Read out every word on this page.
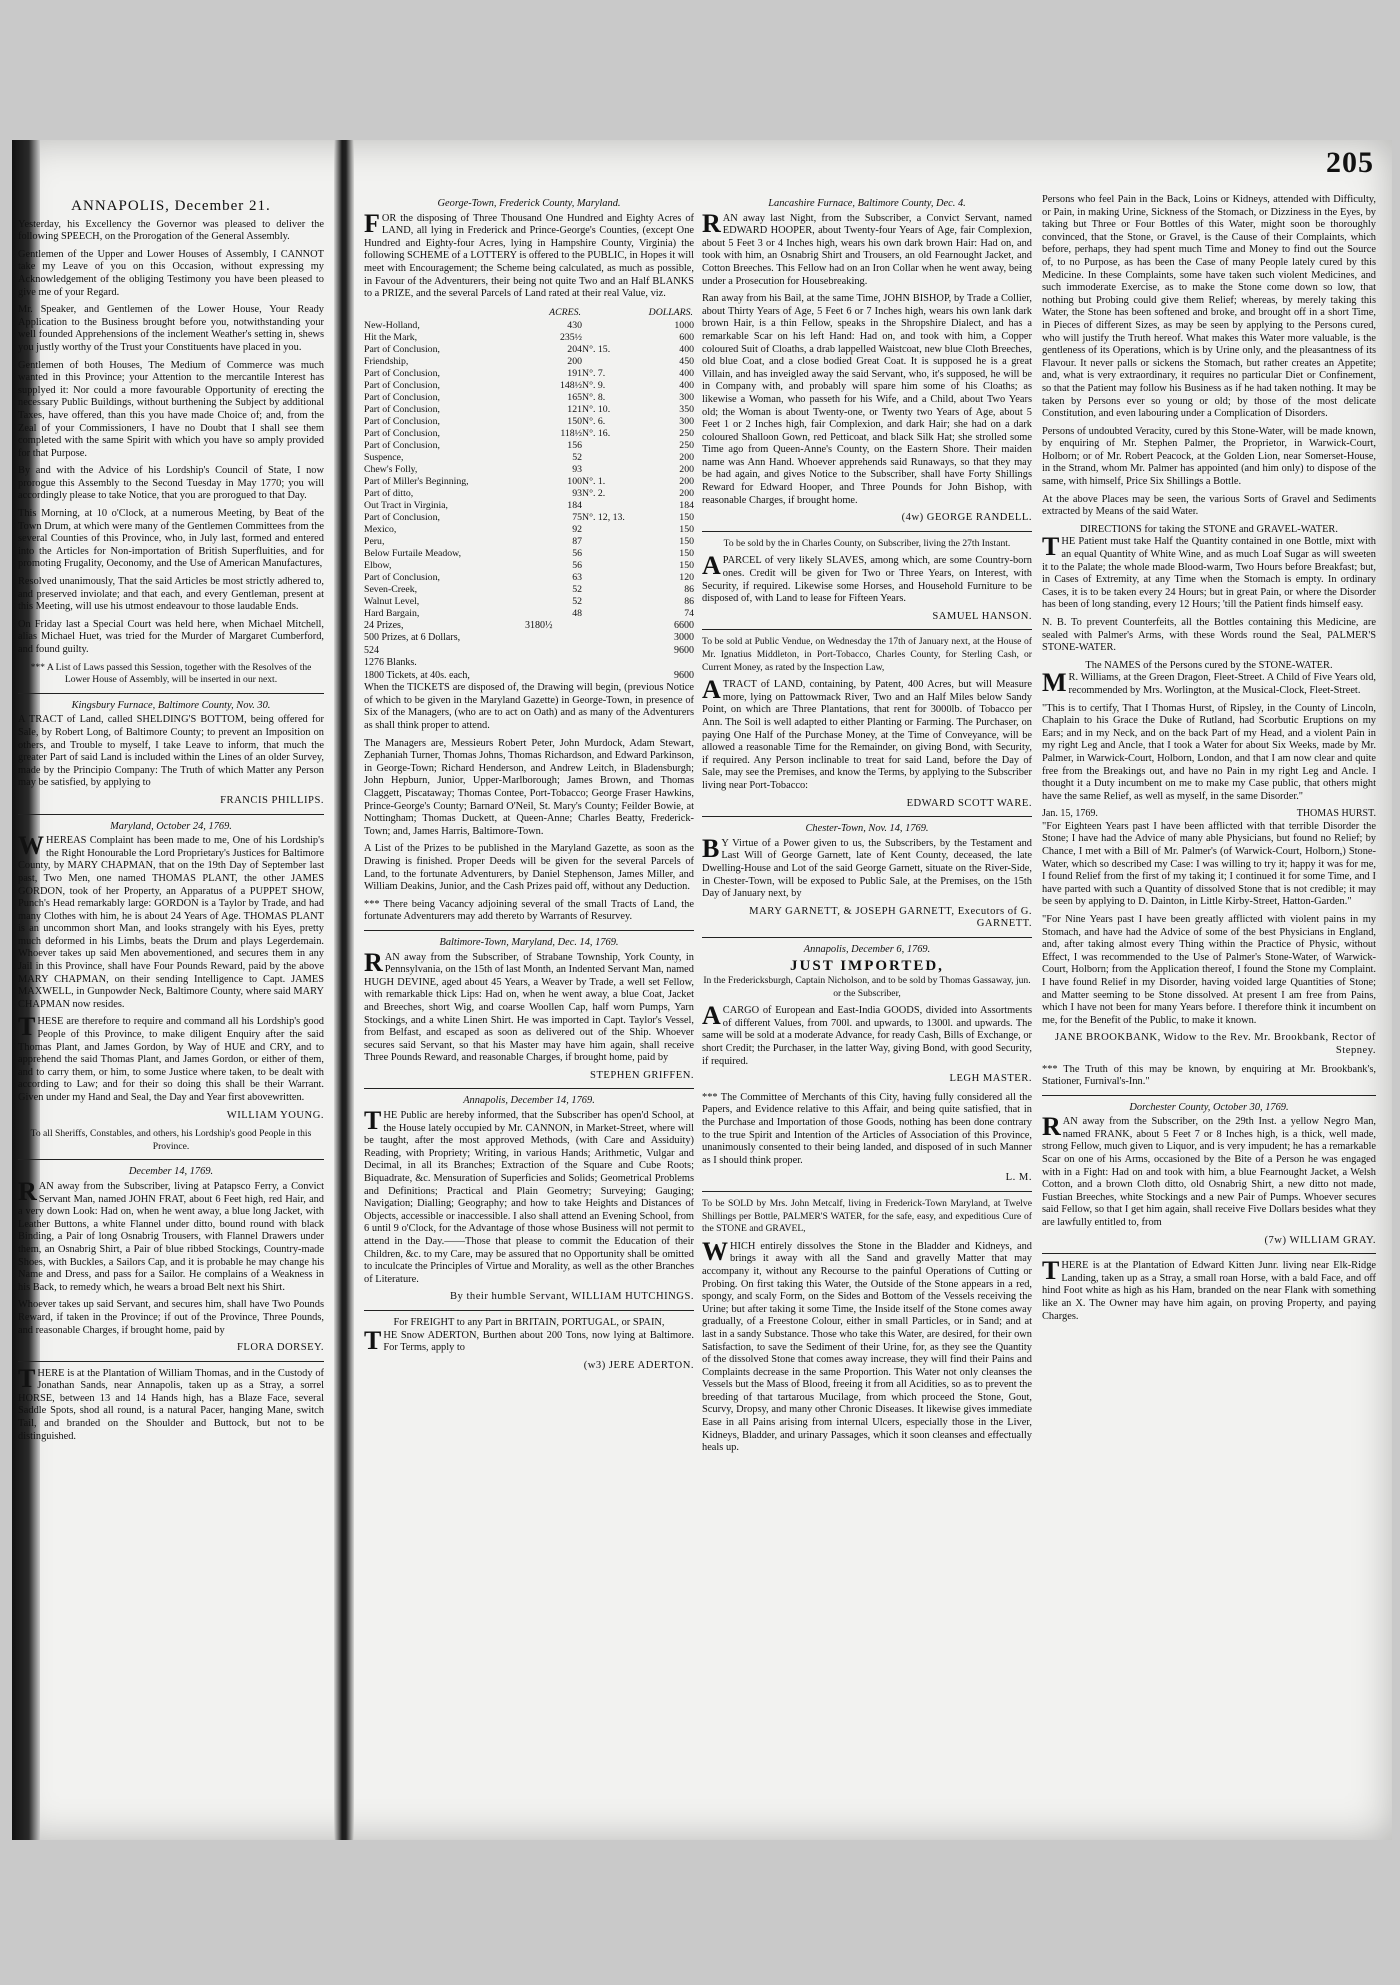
205
ANNAPOLIS, December 21.

Yesterday, his Excellency the Governor was pleased to deliver the following SPEECH, on the Prorogation of the General Assembly.

Gentlemen of the Upper and Lower Houses of Assembly, I CANNOT take my Leave of you on this Occasion, without expressing my Acknowledgement of the obliging Testimony you have been pleased to give me of your Regard.

Mr. Speaker, and Gentlemen of the Lower House, Your Ready Application to the Business brought before you, notwithstanding your well founded Apprehensions of the inclement Weather's setting in, shews you justly worthy of the Trust your Constituents have placed in you.

Gentlemen of both Houses, The Medium of Commerce was much wanted in this Province; your Attention to the mercantile Interest has supplyed it: Nor could a more favourable Opportunity of erecting the necessary Public Buildings, without burthening the Subject by additional Taxes, have offered, than this you have made Choice of; and, from the Zeal of your Commissioners, I have no Doubt that I shall see them completed with the same Spirit with which you have so amply provided for that Purpose.

By and with the Advice of his Lordship's Council of State, I now prorogue this Assembly to the Second Tuesday in May 1770; you will accordingly please to take Notice, that you are prorogued to that Day.

This Morning, at 10 o'Clock, at a numerous Meeting, by Beat of the Town Drum, at which were many of the Gentlemen Committees from the several Counties of this Province, who, in July last, formed and entered into the Articles for Non-importation of British Superfluities, and for promoting Frugality, Oeconomy, and the Use of American Manufactures,

Resolved unanimously, That the said Articles be most strictly adhered to, and preserved inviolate; and that each, and every Gentleman, present at this Meeting, will use his utmost endeavour to those laudable Ends.

On Friday last a Special Court was held here, when Michael Mitchell, alias Michael Huet, was tried for the Murder of Margaret Cumberford, and found guilty.

*** A List of Laws passed this Session, together with the Resolves of the Lower House of Assembly, will be inserted in our next.

Kingsbury Furnace, Baltimore County, Nov. 30.

A TRACT of Land, called SHELDING'S BOTTOM, being offered for Sale, by Robert Long, of Baltimore County; to prevent an Imposition on others, and Trouble to myself, I take Leave to inform, that much the greater Part of said Land is included within the Lines of an older Survey, made by the Principio Company: The Truth of which Matter any Person may be satisfied, by applying to

FRANCIS PHILLIPS.
Maryland, October 24, 1769.

WHEREAS Complaint has been made to me, One of his Lordship's the Right Honourable the Lord Proprietary's Justices for Baltimore County, by MARY CHAPMAN, that on the 19th Day of September last past, Two Men, one named THOMAS PLANT, the other JAMES GORDON, took of her Property, an Apparatus of a PUPPET SHOW, Punch's Head remarkably large: GORDON is a Taylor by Trade, and had many Clothes with him, he is about 24 Years of Age. THOMAS PLANT is an uncommon short Man, and looks strangely with his Eyes, pretty much deformed in his Limbs, beats the Drum and plays Legerdemain. Whoever takes up said Men abovementioned, and secures them in any Jail in this Province, shall have Four Pounds Reward, paid by the above MARY CHAPMAN, on their sending Intelligence to Capt. JAMES MAXWELL, in Gunpowder Neck, Baltimore County, where said MARY CHAPMAN now resides.

THESE are therefore to require and command all his Lordship's good People of this Province, to make diligent Enquiry after the said Thomas Plant, and James Gordon, by Way of HUE and CRY, and to apprehend the said Thomas Plant, and James Gordon, or either of them, and to carry them, or him, to some Justice where taken, to be dealt with according to Law; and for their so doing this shall be their Warrant. Given under my Hand and Seal, the Day and Year first abovewritten.

WILLIAM YOUNG.

To all Sheriffs, Constables, and others, his Lordship's good People in this Province.

December 14, 1769.

RAN away from the Subscriber, living at Patapsco Ferry, a Convict Servant Man, named JOHN FRAT, about 6 Feet high, red Hair, and a very down Look: Had on, when he went away, a blue long Jacket, with Leather Buttons, a white Flannel under ditto, bound round with black Binding, a Pair of long Osnabrig Trousers, with Flannel Drawers under them, an Osnabrig Shirt, a Pair of blue ribbed Stockings, Country-made Shoes, with Buckles, a Sailors Cap, and it is probable he may change his Name and Dress, and pass for a Sailor. He complains of a Weakness in his Back, to remedy which, he wears a broad Belt next his Shirt.

Whoever takes up said Servant, and secures him, shall have Two Pounds Reward, if taken in the Province; if out of the Province, Three Pounds, and reasonable Charges, if brought home, paid by

FLORA DORSEY.

THERE is at the Plantation of William Thomas, and in the Custody of Jonathan Sands, near Annapolis, taken up as a Stray, a sorrel HORSE, between 13 and 14 Hands high, has a Blaze Face, several Saddle Spots, shod all round, is a natural Pacer, hanging Mane, switch Tail, and branded on the Shoulder and Buttock, but not to be distinguished.

George-Town, Frederick County, Maryland.

FOR the disposing of Three Thousand One Hundred and Eighty Acres of LAND, all lying in Frederick and Prince-George's Counties, (except One Hundred and Eighty-four Acres, lying in Hampshire County, Virginia) the following SCHEME of a LOTTERY is offered to the PUBLIC, in Hopes it will meet with Encouragement; the Scheme being calculated, as much as possible, in Favour of the Adventurers, their being not quite Two and an Half BLANKS to a PRIZE, and the several Parcels of Land rated at their real Value, viz.

	ACRES.		DOLLARS.
New-Holland,	430		1000
Hit the Mark,	235½		600
Part of Conclusion,	204	N°. 15.	400
Friendship,	200		450
Part of Conclusion,	191	N°. 7.	400
Part of Conclusion,	148½	N°. 9.	400
Part of Conclusion,	165	N°. 8.	300
Part of Conclusion,	121	N°. 10.	350
Part of Conclusion,	150	N°. 6.	300
Part of Conclusion,	118½	N°. 16.	250
Part of Conclusion,	156		250
Suspence,	52		200
Chew's Folly,	93		200
Part of Miller's Beginning,	100	N°. 1.	200
Part of ditto,	93	N°. 2.	200
Out Tract in Virginia,	184		184
Part of Conclusion,	75	N°. 12, 13.	150
Mexico,	92		150
Peru,	87		150
Below Furtaile Meadow,	56		150
Elbow,	56		150
Part of Conclusion,	63		120
Seven-Creek,	52		86
Walnut Level,	52		86
Hard Bargain,	48		74
24 Prizes,	3180½	6600
500 Prizes, at 6 Dollars,	3000
524	9600
1276 Blanks.
1800 Tickets, at 40s. each,	9600

When the TICKETS are disposed of, the Drawing will begin, (previous Notice of which to be given in the Maryland Gazette) in George-Town, in presence of Six of the Managers, (who are to act on Oath) and as many of the Adventurers as shall think proper to attend.

The Managers are, Messieurs Robert Peter, John Murdock, Adam Stewart, Zephaniah Turner, Thomas Johns, Thomas Richardson, and Edward Parkinson, in George-Town; Richard Henderson, and Andrew Leitch, in Bladensburgh; John Hepburn, Junior, Upper-Marlborough; James Brown, and Thomas Claggett, Piscataway; Thomas Contee, Port-Tobacco; George Fraser Hawkins, Prince-George's County; Barnard O'Neil, St. Mary's County; Feilder Bowie, at Nottingham; Thomas Duckett, at Queen-Anne; Charles Beatty, Frederick-Town; and, James Harris, Baltimore-Town.

A List of the Prizes to be published in the Maryland Gazette, as soon as the Drawing is finished. Proper Deeds will be given for the several Parcels of Land, to the fortunate Adventurers, by Daniel Stephenson, James Miller, and William Deakins, Junior, and the Cash Prizes paid off, without any Deduction.

*** There being Vacancy adjoining several of the small Tracts of Land, the fortunate Adventurers may add thereto by Warrants of Resurvey.

Baltimore-Town, Maryland, Dec. 14, 1769.

RAN away from the Subscriber, of Strabane Township, York County, in Pennsylvania, on the 15th of last Month, an Indented Servant Man, named HUGH DEVINE, aged about 45 Years, a Weaver by Trade, a well set Fellow, with remarkable thick Lips: Had on, when he went away, a blue Coat, Jacket and Breeches, short Wig, and coarse Woollen Cap, half worn Pumps, Yarn Stockings, and a white Linen Shirt. He was imported in Capt. Taylor's Vessel, from Belfast, and escaped as soon as delivered out of the Ship. Whoever secures said Servant, so that his Master may have him again, shall receive Three Pounds Reward, and reasonable Charges, if brought home, paid by

STEPHEN GRIFFEN.
Annapolis, December 14, 1769.

THE Public are hereby informed, that the Subscriber has open'd School, at the House lately occupied by Mr. CANNON, in Market-Street, where will be taught, after the most approved Methods, (with Care and Assiduity) Reading, with Propriety; Writing, in various Hands; Arithmetic, Vulgar and Decimal, in all its Branches; Extraction of the Square and Cube Roots; Biquadrate, &c. Mensuration of Superficies and Solids; Geometrical Problems and Definitions; Practical and Plain Geometry; Surveying; Gauging; Navigation; Dialling; Geography; and how to take Heights and Distances of Objects, accessible or inaccessible. I also shall attend an Evening School, from 6 until 9 o'Clock, for the Advantage of those whose Business will not permit to attend in the Day.——Those that please to commit the Education of their Children, &c. to my Care, may be assured that no Opportunity shall be omitted to inculcate the Principles of Virtue and Morality, as well as the other Branches of Literature.

By their humble Servant, WILLIAM HUTCHINGS.
For FREIGHT to any Part in BRITAIN, PORTUGAL, or SPAIN,

THE Snow ADERTON, Burthen about 200 Tons, now lying at Baltimore. For Terms, apply to

(w3) JERE ADERTON.
Lancashire Furnace, Baltimore County, Dec. 4.

RAN away last Night, from the Subscriber, a Convict Servant, named EDWARD HOOPER, about Twenty-four Years of Age, fair Complexion, about 5 Feet 3 or 4 Inches high, wears his own dark brown Hair: Had on, and took with him, an Osnabrig Shirt and Trousers, an old Fearnought Jacket, and Cotton Breeches. This Fellow had on an Iron Collar when he went away, being under a Prosecution for Housebreaking.

Ran away from his Bail, at the same Time, JOHN BISHOP, by Trade a Collier, about Thirty Years of Age, 5 Feet 6 or 7 Inches high, wears his own lank dark brown Hair, is a thin Fellow, speaks in the Shropshire Dialect, and has a remarkable Scar on his left Hand: Had on, and took with him, a Copper coloured Suit of Cloaths, a drab lappelled Waistcoat, new blue Cloth Breeches, old blue Coat, and a close bodied Great Coat. It is supposed he is a great Villain, and has inveigled away the said Servant, who, it's supposed, he will be in Company with, and probably will spare him some of his Cloaths; as likewise a Woman, who passeth for his Wife, and a Child, about Two Years old; the Woman is about Twenty-one, or Twenty two Years of Age, about 5 Feet 1 or 2 Inches high, fair Complexion, and dark Hair; she had on a dark coloured Shalloon Gown, red Petticoat, and black Silk Hat; she strolled some Time ago from Queen-Anne's County, on the Eastern Shore. Their maiden name was Ann Hand. Whoever apprehends said Runaways, so that they may be had again, and gives Notice to the Subscriber, shall have Forty Shillings Reward for Edward Hooper, and Three Pounds for John Bishop, with reasonable Charges, if brought home.

(4w) GEORGE RANDELL.

To be sold by the in Charles County, on Subscriber, living the 27th Instant.

APARCEL of very likely SLAVES, among which, are some Country-born ones. Credit will be given for Two or Three Years, on Interest, with Security, if required. Likewise some Horses, and Household Furniture to be disposed of, with Land to lease for Fifteen Years.

SAMUEL HANSON.

To be sold at Public Vendue, on Wednesday the 17th of January next, at the House of Mr. Ignatius Middleton, in Port-Tobacco, Charles County, for Sterling Cash, or Current Money, as rated by the Inspection Law,

ATRACT of LAND, containing, by Patent, 400 Acres, but will Measure more, lying on Pattowmack River, Two and an Half Miles below Sandy Point, on which are Three Plantations, that rent for 3000lb. of Tobacco per Ann. The Soil is well adapted to either Planting or Farming. The Purchaser, on paying One Half of the Purchase Money, at the Time of Conveyance, will be allowed a reasonable Time for the Remainder, on giving Bond, with Security, if required. Any Person inclinable to treat for said Land, before the Day of Sale, may see the Premises, and know the Terms, by applying to the Subscriber living near Port-Tobacco:

EDWARD SCOTT WARE.
Chester-Town, Nov. 14, 1769.

BY Virtue of a Power given to us, the Subscribers, by the Testament and Last Will of George Garnett, late of Kent County, deceased, the late Dwelling-House and Lot of the said George Garnett, situate on the River-Side, in Chester-Town, will be exposed to Public Sale, at the Premises, on the 15th Day of January next, by

MARY GARNETT, & JOSEPH GARNETT, Executors of G. GARNETT.
Annapolis, December 6, 1769.
JUST IMPORTED,

In the Fredericksburgh, Captain Nicholson, and to be sold by Thomas Gassaway, jun. or the Subscriber,

ACARGO of European and East-India GOODS, divided into Assortments of different Values, from 700l. and upwards, to 1300l. and upwards. The same will be sold at a moderate Advance, for ready Cash, Bills of Exchange, or short Credit; the Purchaser, in the latter Way, giving Bond, with good Security, if required.

LEGH MASTER.

*** The Committee of Merchants of this City, having fully considered all the Papers, and Evidence relative to this Affair, and being quite satisfied, that in the Purchase and Importation of those Goods, nothing has been done contrary to the true Spirit and Intention of the Articles of Association of this Province, unanimously consented to their being landed, and disposed of in such Manner as I should think proper.

L. M.

To be SOLD by Mrs. John Metcalf, living in Frederick-Town Maryland, at Twelve Shillings per Bottle, PALMER'S WATER, for the safe, easy, and expeditious Cure of the STONE and GRAVEL,

WHICH entirely dissolves the Stone in the Bladder and Kidneys, and brings it away with all the Sand and gravelly Matter that may accompany it, without any Recourse to the painful Operations of Cutting or Probing. On first taking this Water, the Outside of the Stone appears in a red, spongy, and scaly Form, on the Sides and Bottom of the Vessels receiving the Urine; but after taking it some Time, the Inside itself of the Stone comes away gradually, of a Freestone Colour, either in small Particles, or in Sand; and at last in a sandy Substance. Those who take this Water, are desired, for their own Satisfaction, to save the Sediment of their Urine, for, as they see the Quantity of the dissolved Stone that comes away increase, they will find their Pains and Complaints decrease in the same Proportion. This Water not only cleanses the Vessels but the Mass of Blood, freeing it from all Acidities, so as to prevent the breeding of that tartarous Mucilage, from which proceed the Stone, Gout, Scurvy, Dropsy, and many other Chronic Diseases. It likewise gives immediate Ease in all Pains arising from internal Ulcers, especially those in the Liver, Kidneys, Bladder, and urinary Passages, which it soon cleanses and effectually heals up.

Persons who feel Pain in the Back, Loins or Kidneys, attended with Difficulty, or Pain, in making Urine, Sickness of the Stomach, or Dizziness in the Eyes, by taking but Three or Four Bottles of this Water, might soon be thoroughly convinced, that the Stone, or Gravel, is the Cause of their Complaints, which before, perhaps, they had spent much Time and Money to find out the Source of, to no Purpose, as has been the Case of many People lately cured by this Medicine. In these Complaints, some have taken such violent Medicines, and such immoderate Exercise, as to make the Stone come down so low, that nothing but Probing could give them Relief; whereas, by merely taking this Water, the Stone has been softened and broke, and brought off in a short Time, in Pieces of different Sizes, as may be seen by applying to the Persons cured, who will justify the Truth hereof. What makes this Water more valuable, is the gentleness of its Operations, which is by Urine only, and the pleasantness of its Flavour. It never palls or sickens the Stomach, but rather creates an Appetite; and, what is very extraordinary, it requires no particular Diet or Confinement, so that the Patient may follow his Business as if he had taken nothing. It may be taken by Persons ever so young or old; by those of the most delicate Constitution, and even labouring under a Complication of Disorders.

Persons of undoubted Veracity, cured by this Stone-Water, will be made known, by enquiring of Mr. Stephen Palmer, the Proprietor, in Warwick-Court, Holborn; or of Mr. Robert Peacock, at the Golden Lion, near Somerset-House, in the Strand, whom Mr. Palmer has appointed (and him only) to dispose of the same, with himself, Price Six Shillings a Bottle.

At the above Places may be seen, the various Sorts of Gravel and Sediments extracted by Means of the said Water.

DIRECTIONS for taking the STONE and GRAVEL-WATER.

THE Patient must take Half the Quantity contained in one Bottle, mixt with an equal Quantity of White Wine, and as much Loaf Sugar as will sweeten it to the Palate; the whole made Blood-warm, Two Hours before Breakfast; but, in Cases of Extremity, at any Time when the Stomach is empty. In ordinary Cases, it is to be taken every 24 Hours; but in great Pain, or where the Disorder has been of long standing, every 12 Hours; 'till the Patient finds himself easy.

N. B. To prevent Counterfeits, all the Bottles containing this Medicine, are sealed with Palmer's Arms, with these Words round the Seal, PALMER'S STONE-WATER.

The NAMES of the Persons cured by the STONE-WATER.

MR. Williams, at the Green Dragon, Fleet-Street. A Child of Five Years old, recommended by Mrs. Worlington, at the Musical-Clock, Fleet-Street.

"This is to certify, That I Thomas Hurst, of Ripsley, in the County of Lincoln, Chaplain to his Grace the Duke of Rutland, had Scorbutic Eruptions on my Ears; and in my Neck, and on the back Part of my Head, and a violent Pain in my right Leg and Ancle, that I took a Water for about Six Weeks, made by Mr. Palmer, in Warwick-Court, Holborn, London, and that I am now clear and quite free from the Breakings out, and have no Pain in my right Leg and Ancle. I thought it a Duty incumbent on me to make my Case public, that others might have the same Relief, as well as myself, in the same Disorder."

Jan. 15, 1769.	THOMAS HURST.

"For Eighteen Years past I have been afflicted with that terrible Disorder the Stone; I have had the Advice of many able Physicians, but found no Relief; by Chance, I met with a Bill of Mr. Palmer's (of Warwick-Court, Holborn,) Stone-Water, which so described my Case: I was willing to try it; happy it was for me, I found Relief from the first of my taking it; I continued it for some Time, and I have parted with such a Quantity of dissolved Stone that is not credible; it may be seen by applying to D. Dainton, in Little Kirby-Street, Hatton-Garden."

"For Nine Years past I have been greatly afflicted with violent pains in my Stomach, and have had the Advice of some of the best Physicians in England, and, after taking almost every Thing within the Practice of Physic, without Effect, I was recommended to the Use of Palmer's Stone-Water, of Warwick-Court, Holborn; from the Application thereof, I found the Stone my Complaint. I have found Relief in my Disorder, having voided large Quantities of Stone; and Matter seeming to be Stone dissolved. At present I am free from Pains, which I have not been for many Years before. I therefore think it incumbent on me, for the Benefit of the Public, to make it known.

JANE BROOKBANK, Widow to the Rev. Mr. Brookbank, Rector of Stepney.

*** The Truth of this may be known, by enquiring at Mr. Brookbank's, Stationer, Furnival's-Inn."

Dorchester County, October 30, 1769.

RAN away from the Subscriber, on the 29th Inst. a yellow Negro Man, named FRANK, about 5 Feet 7 or 8 Inches high, is a thick, well made, strong Fellow, much given to Liquor, and is very impudent; he has a remarkable Scar on one of his Arms, occasioned by the Bite of a Person he was engaged with in a Fight: Had on and took with him, a blue Fearnought Jacket, a Welsh Cotton, and a brown Cloth ditto, old Osnabrig Shirt, a new ditto not made, Fustian Breeches, white Stockings and a new Pair of Pumps. Whoever secures said Fellow, so that I get him again, shall receive Five Dollars besides what they are lawfully entitled to, from

(7w) WILLIAM GRAY.

THERE is at the Plantation of Edward Kitten Junr. living near Elk-Ridge Landing, taken up as a Stray, a small roan Horse, with a bald Face, and off hind Foot white as high as his Ham, branded on the near Flank with something like an X. The Owner may have him again, on proving Property, and paying Charges.
